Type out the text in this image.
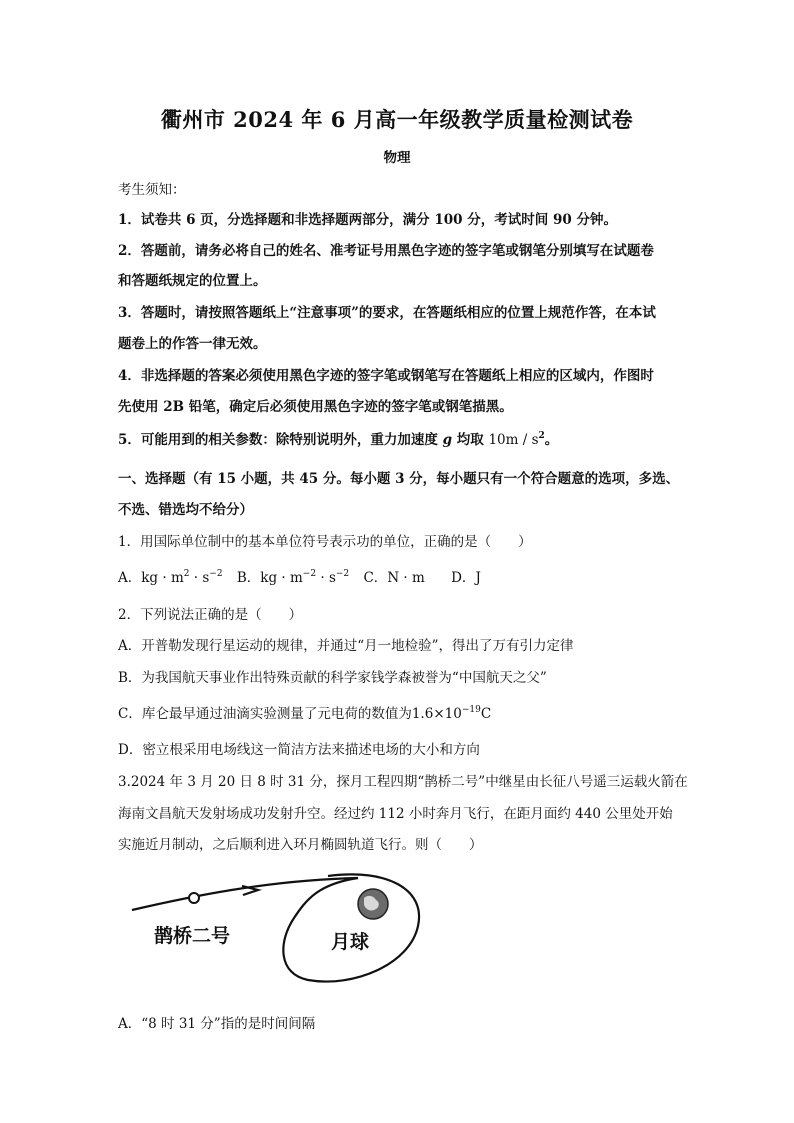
衢州市 2024 年 6 月高一年级教学质量检测试卷
物理
考生须知：
1．试卷共 6 页，分选择题和非选择题两部分，满分 100 分，考试时间 90 分钟。
2．答题前，请务必将自己的姓名、准考证号用黑色字迹的签字笔或钢笔分别填写在试题卷
和答题纸规定的位置上。
3．答题时，请按照答题纸上“注意事项”的要求，在答题纸相应的位置上规范作答，在本试
题卷上的作答一律无效。
4．非选择题的答案必须使用黑色字迹的签字笔或钢笔写在答题纸上相应的区域内，作图时
先使用 2B 铅笔，确定后必须使用黑色字迹的签字笔或钢笔描黑。
5．可能用到的相关参数：除特别说明外，重力加速度 g 均取 $10m / s^2$。
一、选择题（有 15 小题，共 45 分。每小题 3 分，每小题只有一个符合题意的选项，多选、
不选、错选均不给分）
1．用国际单位制中的基本单位符号表示功的单位，正确的是（　　）
A．kg · $m^2 \cdot s^{-2}$ B．kg · $m^{-2} \cdot s^{-2}$ C．N · m D．J
2．下列说法正确的是（　　）
A．开普勒发现行星运动的规律，并通过“月一地检验”，得出了万有引力定律
B．为我国航天事业作出特殊贡献的科学家钱学森被誉为“中国航天之父”
C．库仑最早通过油滴实验测量了元电荷的数值为$1.6\times 10^{-19}C$
D．密立根采用电场线这一简洁方法来描述电场的大小和方向
3.2024 年 3 月 20 日 8 时 31 分，探月工程四期“鹊桥二号”中继星由长征八号遥三运载火箭在
海南文昌航天发射场成功发射升空。经过约 112 小时奔月飞行，在距月面约 440 公里处开始
实施近月制动，之后顺利进入环月椭圆轨道飞行。则（　　）
鹊桥二号	月球
A．“8 时 31 分”指的是时间间隔
